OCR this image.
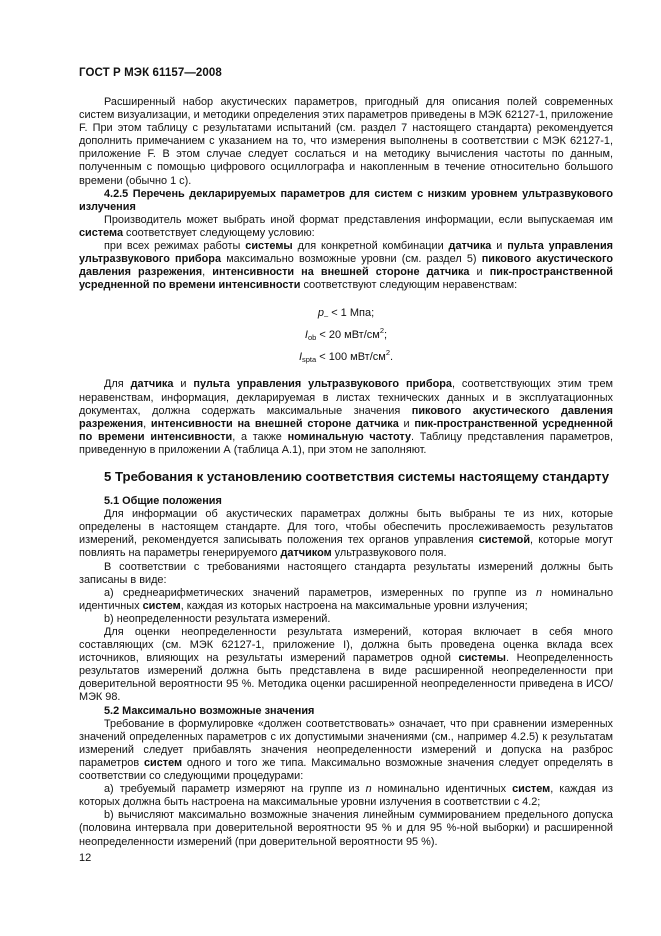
ГОСТ Р МЭК 61157—2008

Расширенный набор акустических параметров, пригодный для описания полей современных систем визуализации, и методики определения этих параметров приведены в МЭК 62127-1, приложение F. При этом таблицу с результатами испытаний (см. раздел 7 настоящего стандарта) рекомендуется дополнить примечанием с указанием на то, что измерения выполнены в соответствии с МЭК 62127-1, приложение F. В этом случае следует сослаться и на методику вычисления частоты по данным, полученным с помощью цифрового осциллографа и накопленным в течение относительно большого времени (обычно 1 с).

4.2.5 Перечень декларируемых параметров для систем с низким уровнем ультразвукового излучения

Производитель может выбрать иной формат представления информации, если выпускаемая им система соответствует следующему условию:

при всех режимах работы системы для конкретной комбинации датчика и пульта управления ультразвукового прибора максимально возможные уровни (см. раздел 5) пикового акустического давления разрежения, интенсивности на внешней стороне датчика и пик-пространственной усредненной по времени интенсивности соответствуют следующим неравенствам:

$p_- < 1$ Мпа;
$I_{ob} < 20$ мВт/$см^2$;
$I_{spta} < 100$ мВт/$см^2$.

Для датчика и пульта управления ультразвукового прибора, соответствующих этим трем неравенствам, информация, декларируемая в листах технических данных и в эксплуатационных документах, должна содержать максимальные значения пикового акустического давления разрежения, интенсивности на внешней стороне датчика и пик-пространственной усредненной по времени интенсивности, а также номинальную частоту. Таблицу представления параметров, приведенную в приложении А (таблица А.1), при этом не заполняют.

5 Требования к установлению соответствия системы настоящему стандарту

5.1 Общие положения

Для информации об акустических параметрах должны быть выбраны те из них, которые определены в настоящем стандарте. Для того, чтобы обеспечить прослеживаемость результатов измерений, рекомендуется записывать положения тех органов управления системой, которые могут повлиять на параметры генерируемого датчиком ультразвукового поля.

В соответствии с требованиями настоящего стандарта результаты измерений должны быть записаны в виде:

a) среднеарифметических значений параметров, измеренных по группе из n номинально идентичных систем, каждая из которых настроена на максимальные уровни излучения;

b) неопределенности результата измерений.

Для оценки неопределенности результата измерений, которая включает в себя много составляющих (см. МЭК 62127-1, приложение I), должна быть проведена оценка вклада всех источников, влияющих на результаты измерений параметров одной системы. Неопределенность результатов измерений должна быть представлена в виде расширенной неопределенности при доверительной вероятности 95 %. Методика оценки расширенной неопределенности приведена в ИСО/МЭК 98.

5.2 Максимально возможные значения

Требование в формулировке «должен соответствовать» означает, что при сравнении измеренных значений определенных параметров с их допустимыми значениями (см., например 4.2.5) к результатам измерений следует прибавлять значения неопределенности измерений и допуска на разброс параметров систем одного и того же типа. Максимально возможные значения следует определять в соответствии со следующими процедурами:

a) требуемый параметр измеряют на группе из n номинально идентичных систем, каждая из которых должна быть настроена на максимальные уровни излучения в соответствии с 4.2;

b) вычисляют максимально возможные значения линейным суммированием предельного допуска (половина интервала при доверительной вероятности 95 % и для 95 %-ной выборки) и расширенной неопределенности измерений (при доверительной вероятности 95 %).

12
